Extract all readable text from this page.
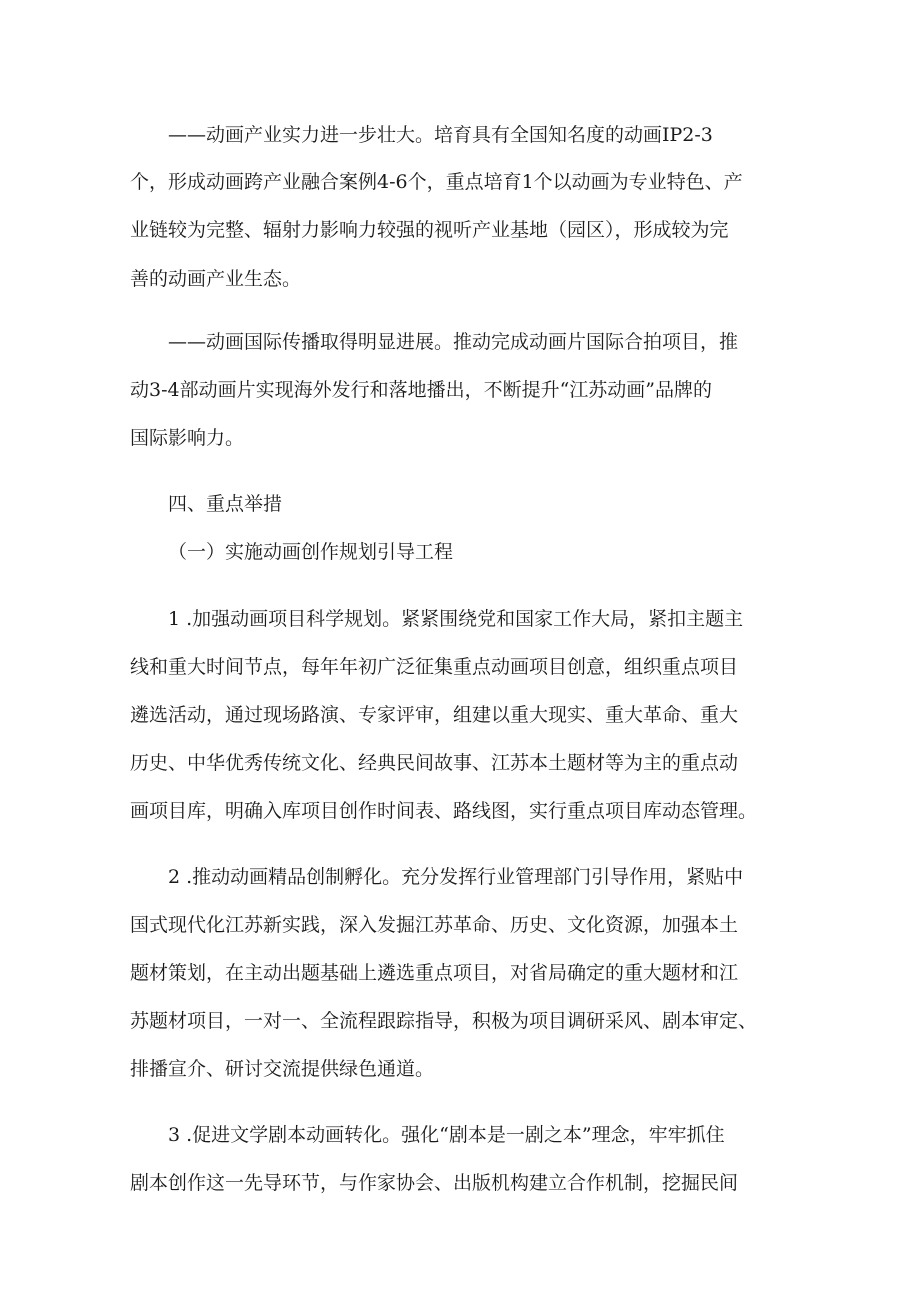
——动画产业实力进一步壮大。培育具有全国知名度的动画IP2-3
个，形成动画跨产业融合案例4-6个，重点培育1个以动画为专业特色、产
业链较为完整、辐射力影响力较强的视听产业基地（园区），形成较为完
善的动画产业生态。
——动画国际传播取得明显进展。推动完成动画片国际合拍项目，推
动3-4部动画片实现海外发行和落地播出，不断提升“江苏动画”品牌的
国际影响力。
四、重点举措
（一）实施动画创作规划引导工程
1 .加强动画项目科学规划。紧紧围绕党和国家工作大局，紧扣主题主
线和重大时间节点，每年年初广泛征集重点动画项目创意，组织重点项目
遴选活动，通过现场路演、专家评审，组建以重大现实、重大革命、重大
历史、中华优秀传统文化、经典民间故事、江苏本土题材等为主的重点动
画项目库，明确入库项目创作时间表、路线图，实行重点项目库动态管理。
2 .推动动画精品创制孵化。充分发挥行业管理部门引导作用，紧贴中
国式现代化江苏新实践，深入发掘江苏革命、历史、文化资源，加强本土
题材策划，在主动出题基础上遴选重点项目，对省局确定的重大题材和江
苏题材项目，一对一、全流程跟踪指导，积极为项目调研采风、剧本审定、
排播宣介、研讨交流提供绿色通道。
3 .促进文学剧本动画转化。强化“剧本是一剧之本”理念，牢牢抓住
剧本创作这一先导环节，与作家协会、出版机构建立合作机制，挖掘民间
